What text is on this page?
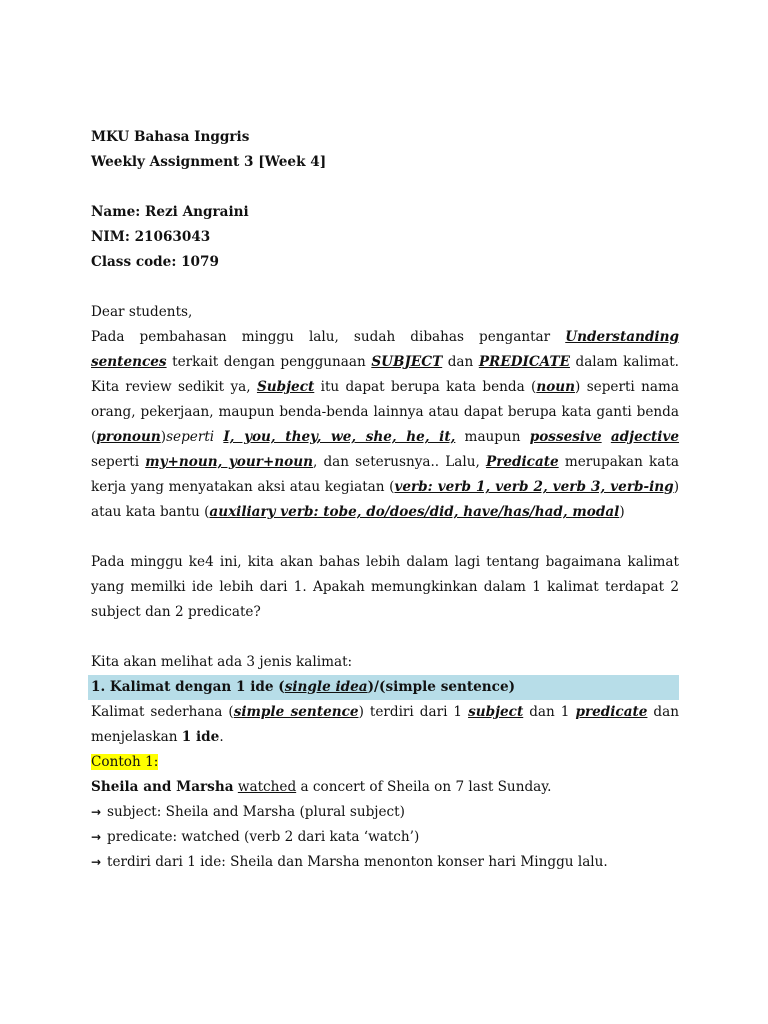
MKU Bahasa Inggris
Weekly Assignment 3 [Week 4]
Name: Rezi Angraini
NIM: 21063043
Class code: 1079
Dear students,

Pada pembahasan minggu lalu, sudah dibahas pengantar Understanding sentences terkait dengan penggunaan SUBJECT dan PREDICATE dalam kalimat. Kita review sedikit ya, Subject itu dapat berupa kata benda (noun) seperti nama orang, pekerjaan, maupun benda-benda lainnya atau dapat berupa kata ganti benda (pronoun)seperti I, you, they, we, she, he, it, maupun possesive adjective seperti my+noun, your+noun, dan seterusnya.. Lalu, Predicate merupakan kata kerja yang menyatakan aksi atau kegiatan (verb: verb 1, verb 2, verb 3, verb-ing) atau kata bantu (auxiliary verb: tobe, do/does/did, have/has/had, modal)

Pada minggu ke4 ini, kita akan bahas lebih dalam lagi tentang bagaimana kalimat yang memilki ide lebih dari 1. Apakah memungkinkan dalam 1 kalimat terdapat 2 subject dan 2 predicate?

Kita akan melihat ada 3 jenis kalimat:
1. Kalimat dengan 1 ide (single idea)/(simple sentence)

Kalimat sederhana (simple sentence) terdiri dari 1 subject dan 1 predicate dan menjelaskan 1 ide.

Contoh 1:
Sheila and Marsha watched a concert of Sheila on 7 last Sunday.
→ subject: Sheila and Marsha (plural subject)
→ predicate: watched (verb 2 dari kata ‘watch’)
→ terdiri dari 1 ide: Sheila dan Marsha menonton konser hari Minggu lalu.
